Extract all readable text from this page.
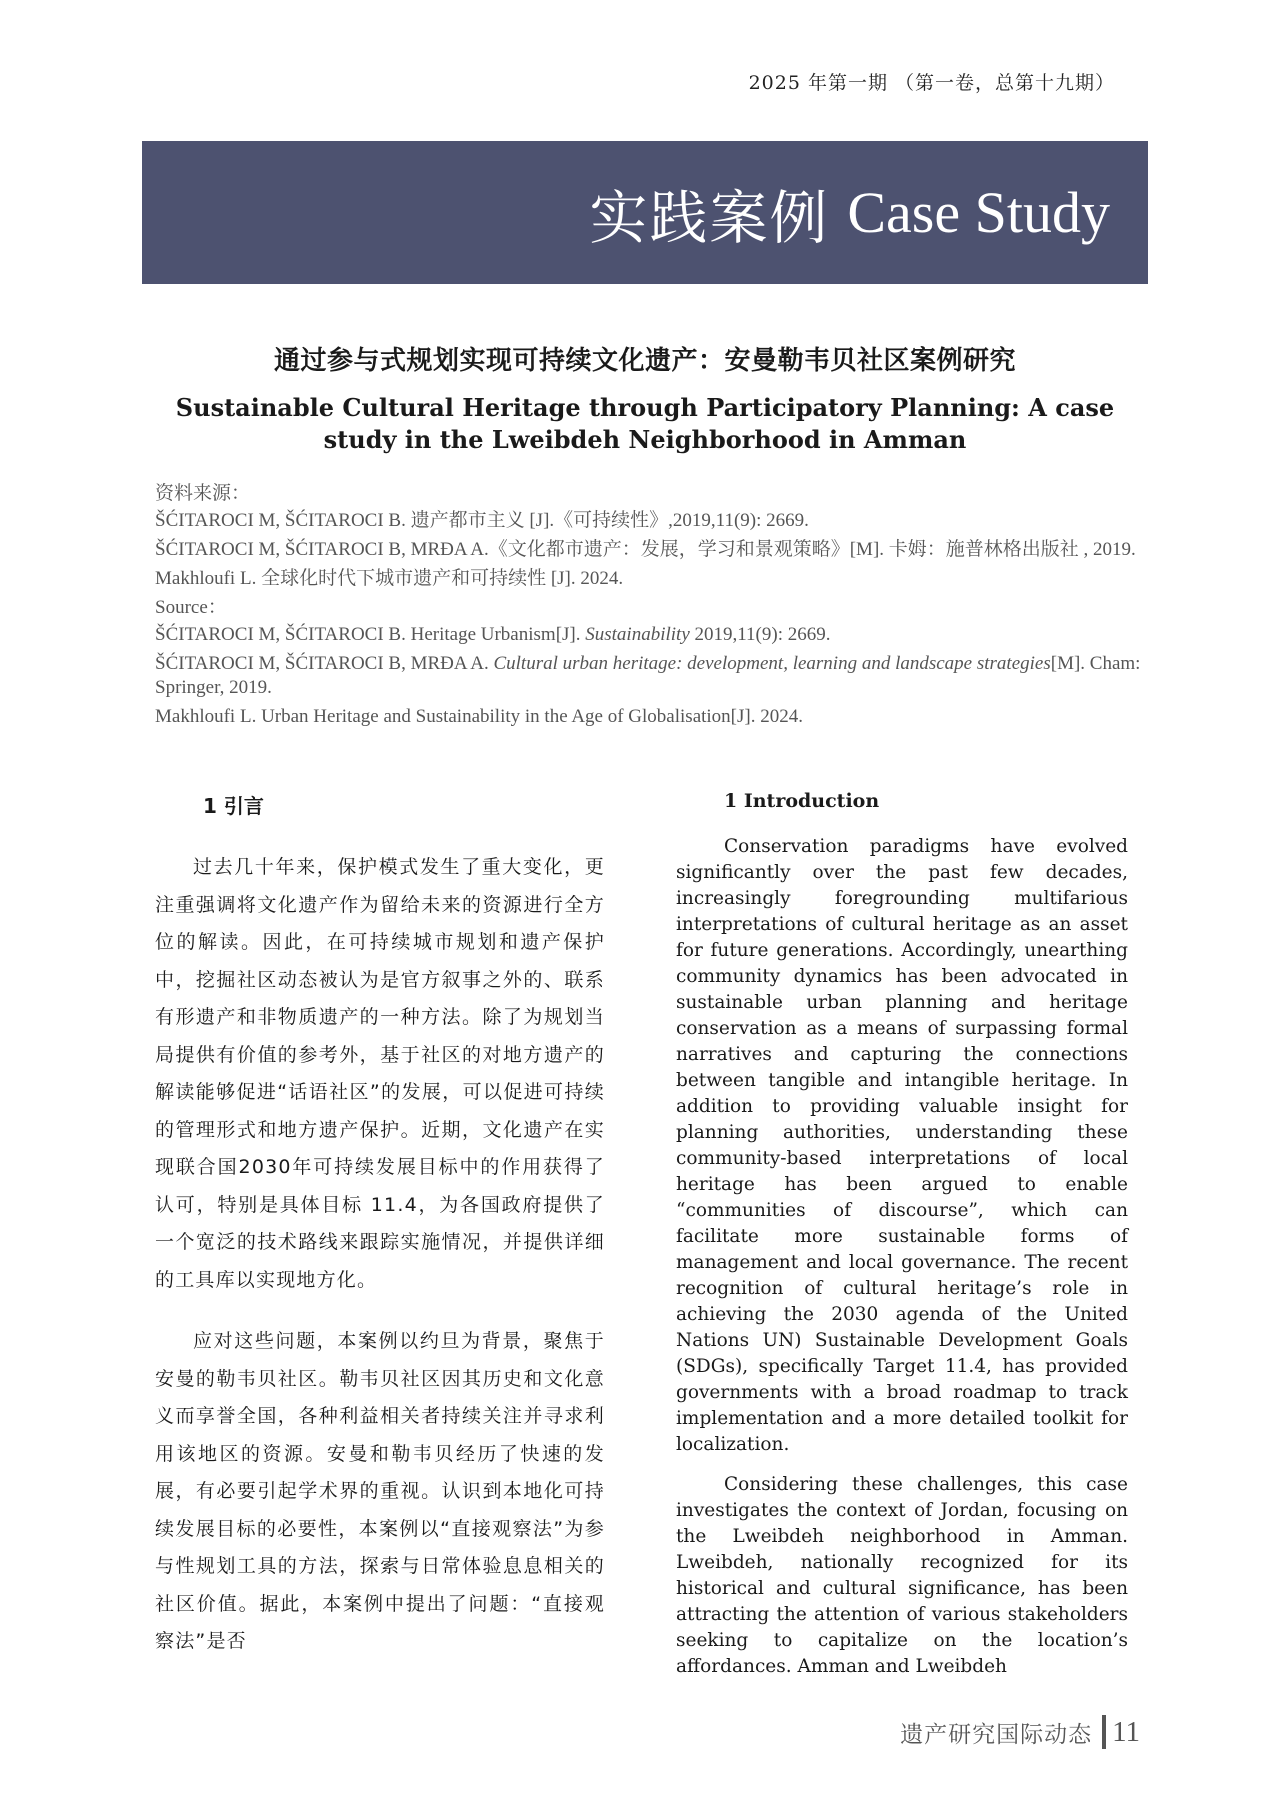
2025 年第一期 （第一卷，总第十九期）
实践案例 Case Study
通过参与式规划实现可持续文化遗产：安曼勒韦贝社区案例研究
Sustainable Cultural Heritage through Participatory Planning: A case study in the Lweibdeh Neighborhood in Amman
资料来源：
ŠĆITAROCI M, ŠĆITAROCI B. 遗产都市主义 [J].《可持续性》,2019,11(9): 2669.
ŠĆITAROCI M, ŠĆITAROCI B, MRĐA A.《文化都市遗产：发展，学习和景观策略》[M]. 卡姆：施普林格出版社 , 2019.
Makhloufi L. 全球化时代下城市遗产和可持续性 [J]. 2024.
Source：
ŠĆITAROCI M, ŠĆITAROCI B. Heritage Urbanism[J]. Sustainability 2019,11(9): 2669.
ŠĆITAROCI M, ŠĆITAROCI B, MRĐA A. Cultural urban heritage: development, learning and landscape strategies[M]. Cham: Springer, 2019.
Makhloufi L. Urban Heritage and Sustainability in the Age of Globalisation[J]. 2024.
1 引言

过去几十年来，保护模式发生了重大变化，更注重强调将文化遗产作为留给未来的资源进行全方位的解读。因此，在可持续城市规划和遗产保护中，挖掘社区动态被认为是官方叙事之外的、联系有形遗产和非物质遗产的一种方法。除了为规划当局提供有价值的参考外，基于社区的对地方遗产的解读能够促进“话语社区”的发展，可以促进可持续的管理形式和地方遗产保护。近期，文化遗产在实现联合国2030年可持续发展目标中的作用获得了认可，特别是具体目标 11.4，为各国政府提供了一个宽泛的技术路线来跟踪实施情况，并提供详细的工具库以实现地方化。

应对这些问题，本案例以约旦为背景，聚焦于安曼的勒韦贝社区。勒韦贝社区因其历史和文化意义而享誉全国，各种利益相关者持续关注并寻求利用该地区的资源。安曼和勒韦贝经历了快速的发展，有必要引起学术界的重视。认识到本地化可持续发展目标的必要性，本案例以“直接观察法”为参与性规划工具的方法，探索与日常体验息息相关的社区价值。据此，本案例中提出了问题：“直接观察法”是否

1 Introduction

Conservation paradigms have evolved significantly over the past few decades, increasingly foregrounding multifarious interpretations of cultural heritage as an asset for future generations. Accordingly, unearthing community dynamics has been advocated in sustainable urban planning and heritage conservation as a means of surpassing formal narratives and capturing the connections between tangible and intangible heritage. In addition to providing valuable insight for planning authorities, understanding these community-based interpretations of local heritage has been argued to enable “communities of discourse”, which can facilitate more sustainable forms of management and local governance. The recent recognition of cultural heritage’s role in achieving the 2030 agenda of the United Nations UN) Sustainable Development Goals (SDGs), specifically Target 11.4, has provided governments with a broad roadmap to track implementation and a more detailed toolkit for localization.

Considering these challenges, this case investigates the context of Jordan, focusing on the Lweibdeh neighborhood in Amman. Lweibdeh, nationally recognized for its historical and cultural significance, has been attracting the attention of various stakeholders seeking to capitalize on the location’s affordances. Amman and Lweibdeh

遗产研究国际动态 11
